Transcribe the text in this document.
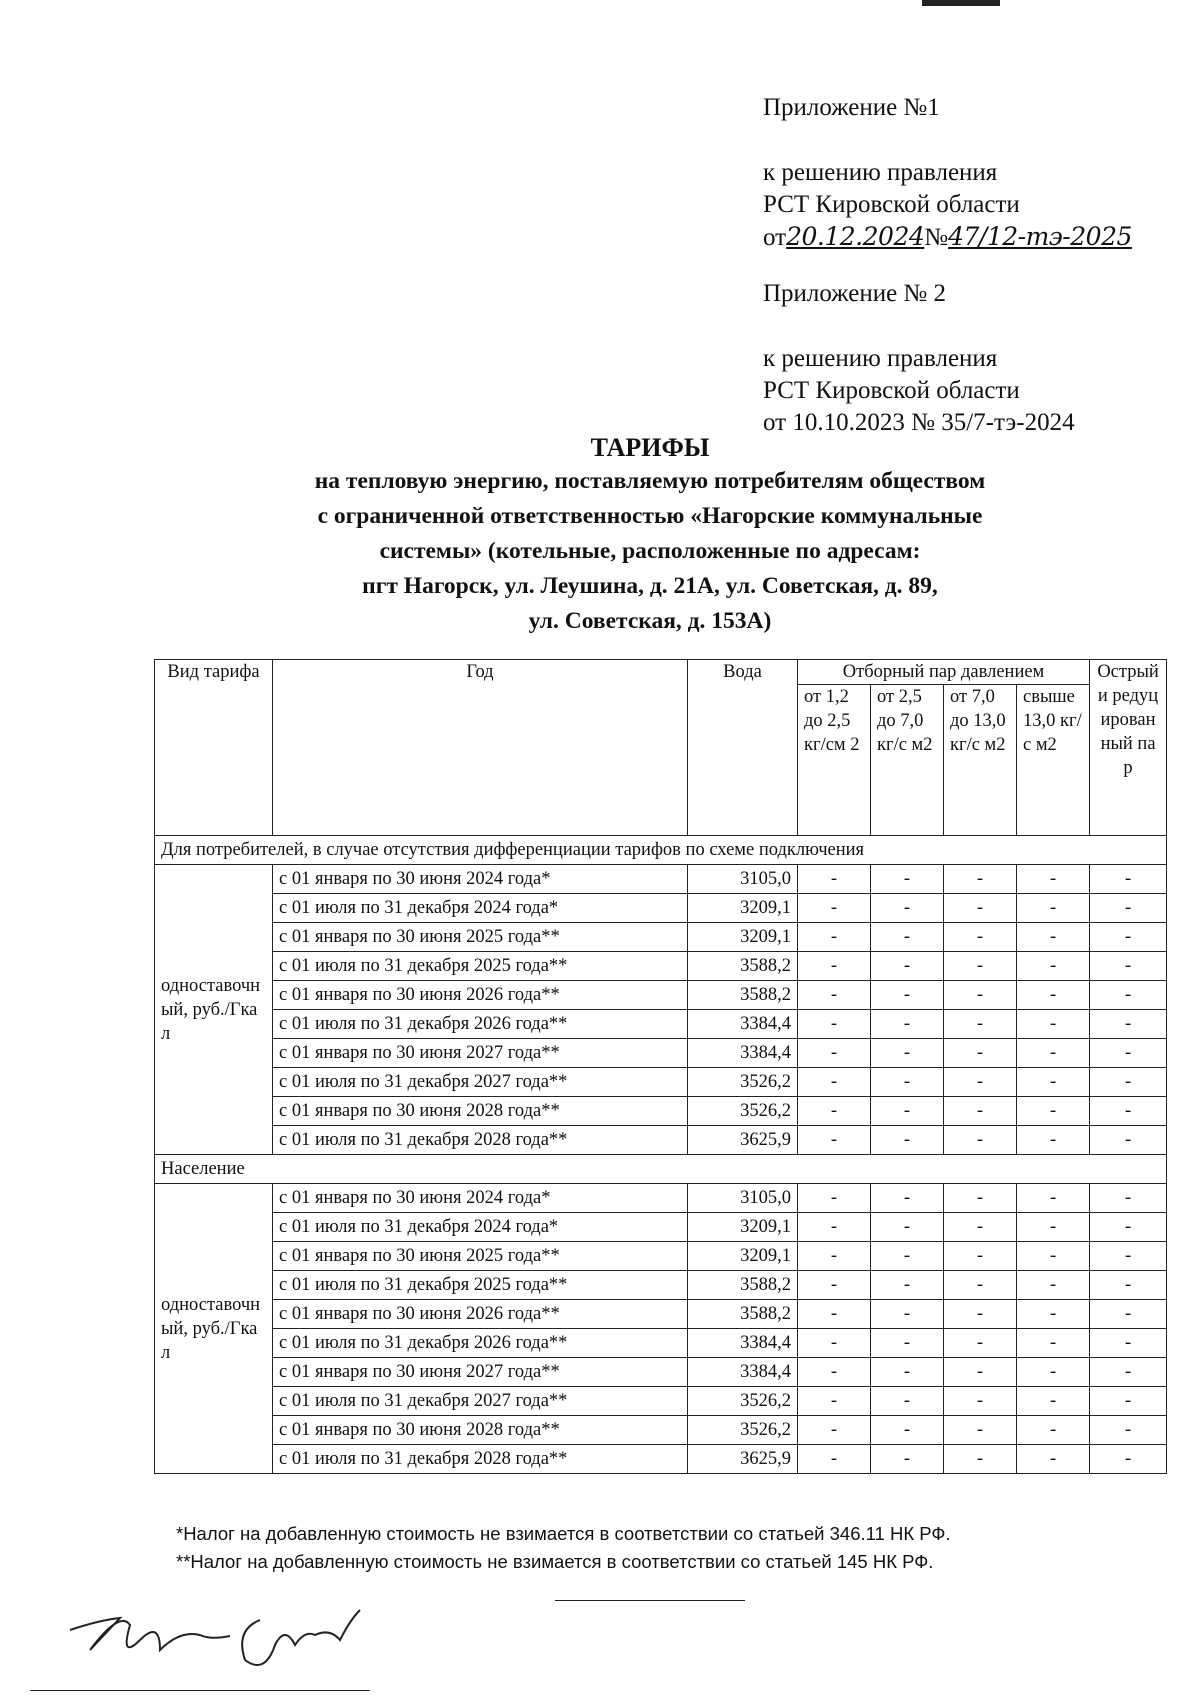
Приложение №1
к решению правления
РСТ Кировской области
от20.12.2024№47/12-тэ-2025
Приложение № 2
к решению правления
РСТ Кировской области
от 10.10.2023 № 35/7-тэ-2024
ТАРИФЫ
на тепловую энергию, поставляемую потребителям обществом
с ограниченной ответственностью «Нагорские коммунальные
системы» (котельные, расположенные по адресам:
пгт Нагорск, ул. Леушина, д. 21А, ул. Советская, д. 89,
ул. Советская, д. 153А)
Вид тарифа	Год	Вода	Отборный пар давлением				Острый и редуцированный пар
			от 1,2 до 2,5 кг/см 2	от 2,5 до 7,0 кг/с м2	от 7,0 до 13,0 кг/с м2	свыше 13,0 кг/с м2	
Для потребителей, в случае отсутствия дифференциации тарифов по схеме подключения							
одноставочный, руб./Гкал	с 01 января по 30 июня 2024 года*	3105,0	-	-	-	-	-
	с 01 июля по 31 декабря 2024 года*	3209,1	-	-	-	-	-
	с 01 января по 30 июня 2025 года**	3209,1	-	-	-	-	-
	с 01 июля по 31 декабря 2025 года**	3588,2	-	-	-	-	-
	с 01 января по 30 июня 2026 года**	3588,2	-	-	-	-	-
	с 01 июля по 31 декабря 2026 года**	3384,4	-	-	-	-	-
	с 01 января по 30 июня 2027 года**	3384,4	-	-	-	-	-
	с 01 июля по 31 декабря 2027 года**	3526,2	-	-	-	-	-
	с 01 января по 30 июня 2028 года**	3526,2	-	-	-	-	-
	с 01 июля по 31 декабря 2028 года**	3625,9	-	-	-	-	-
Население							
одноставочный, руб./Гкал	с 01 января по 30 июня 2024 года*	3105,0	-	-	-	-	-
	с 01 июля по 31 декабря 2024 года*	3209,1	-	-	-	-	-
	с 01 января по 30 июня 2025 года**	3209,1	-	-	-	-	-
	с 01 июля по 31 декабря 2025 года**	3588,2	-	-	-	-	-
	с 01 января по 30 июня 2026 года**	3588,2	-	-	-	-	-
	с 01 июля по 31 декабря 2026 года**	3384,4	-	-	-	-	-
	с 01 января по 30 июня 2027 года**	3384,4	-	-	-	-	-
	с 01 июля по 31 декабря 2027 года**	3526,2	-	-	-	-	-
	с 01 января по 30 июня 2028 года**	3526,2	-	-	-	-	-
	с 01 июля по 31 декабря 2028 года**	3625,9	-	-	-	-	-
*Налог на добавленную стоимость не взимается в соответствии со статьей 346.11 НК РФ.
**Налог на добавленную стоимость не взимается в соответствии со статьей 145 НК РФ.
